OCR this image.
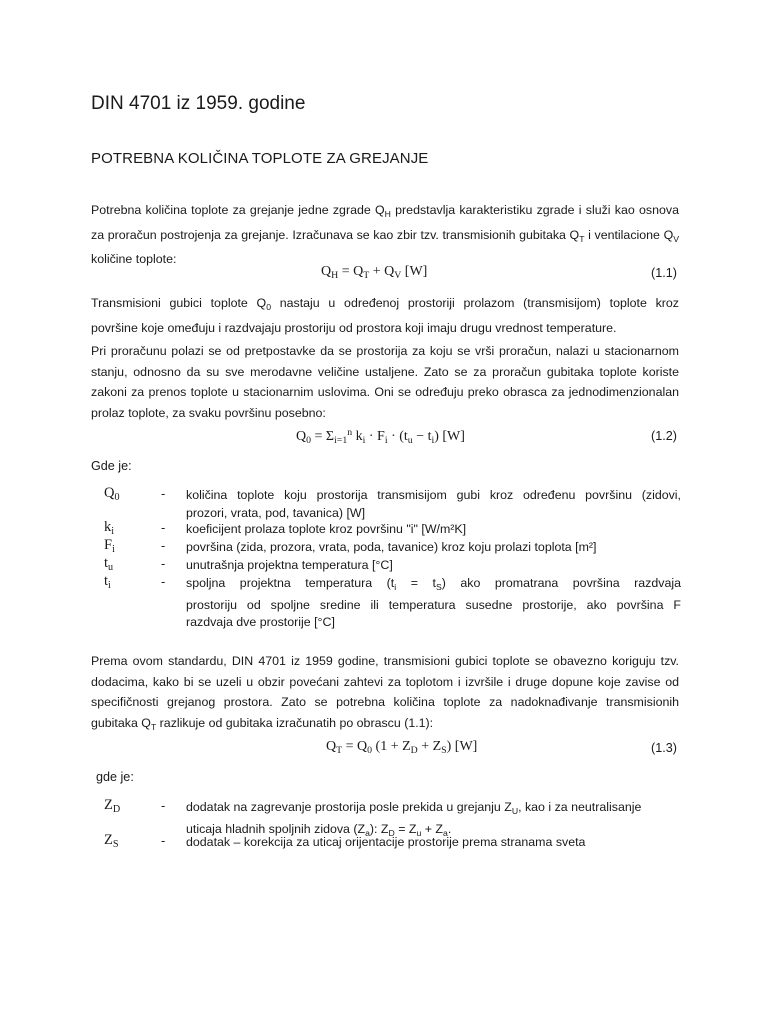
DIN 4701 iz 1959. godine
POTREBNA KOLIČINA TOPLOTE ZA GREJANJE
Potrebna količina toplote za grejanje jedne zgrade $Q_H$ predstavlja karakteristiku zgrade i služi kao osnova
za proračun postrojenja za grejanje. Izračunava se kao zbir tzv. transmisionih gubitaka $Q_T$ i ventilacione $Q_V$
količine toplote:
$Q_H = Q_T + Q_V$ [W]	(1.1)
Transmisioni gubici toplote $Q_0$ nastaju u određenoj prostoriji prolazom (transmisijom) toplote kroz
površine koje omeđuju i razdvajaju prostoriju od prostora koji imaju drugu vrednost temperature.
Pri proračunu polazi se od pretpostavke da se prostorija za koju se vrši proračun, nalazi u stacionarnom
stanju, odnosno da su sve merodavne veličine ustaljene. Zato se za proračun gubitaka toplote koriste
zakoni za prenos toplote u stacionarnim uslovima. Oni se određuju preko obrasca za jednodimenzionalan
prolaz toplote, za svaku površinu posebno:
$Q_0 = \Sigma_{i=1}^n$ $k_i \cdot F_i \cdot (t_u - t_i)$ [W]	(1.2)
Gde je:
$Q_0$	- količina toplote koju prostorija transmisijom gubi kroz određenu površinu (zidovi,
prozori, vrata, pod, tavanica) [W]
$k_i$	- koeficijent prolaza toplote kroz površinu "i" [W/m²K]
$F_i$	- površina (zida, prozora, vrata, poda, tavanice) kroz koju prolazi toplota [m²]
$t_u$	- unutrašnja projektna temperatura [°C]
$t_i$	- spoljna projektna temperatura $(t_i = t_S)$ ako promatrana površina razdvaja
prostoriju od spoljne sredine ili temperatura susedne prostorije, ako površina F
razdvaja dve prostorije [°C]
Prema ovom standardu, DIN 4701 iz 1959 godine, transmisioni gubici toplote se obavezno koriguju tzv.
dodacima, kako bi se uzeli u obzir povećani zahtevi za toplotom i izvršile i druge dopune koje zavise od
specifičnosti grejanog prostora. Zato se potrebna količina toplote za nadoknađivanje transmisionih
gubitaka $Q_T$ razlikuje od gubitaka izračunatih po obrascu (1.1):
$Q_T = Q_0$ $(1 + Z_D + Z_S)$ [W]	(1.3)
gde je:
$Z_D$	- dodatak na zagrevanje prostorija posle prekida u grejanju $Z_U$, kao i za neutralisanje
uticaja hladnih spoljnih zidova $(Z_a)$: $Z_D = Z_u + Z_a$.
$Z_S$	- dodatak – korekcija za uticaj orijentacije prostorije prema stranama sveta
